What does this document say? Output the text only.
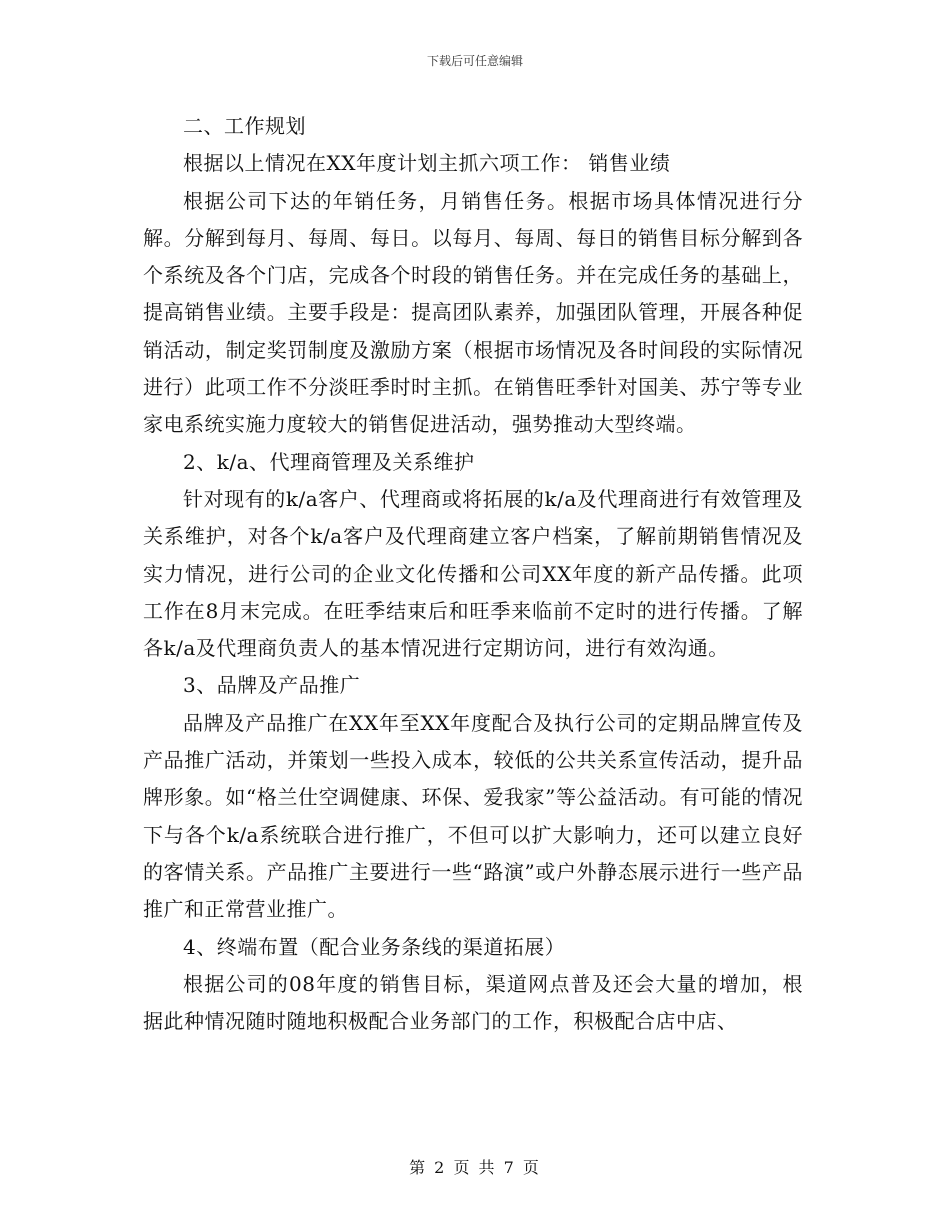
下载后可任意编辑

二、工作规划

根据以上情况在XX年度计划主抓六项工作： 销售业绩

根据公司下达的年销任务，月销售任务。根据市场具体情况进行分解。分解到每月、每周、每日。以每月、每周、每日的销售目标分解到各个系统及各个门店，完成各个时段的销售任务。并在完成任务的基础上，提高销售业绩。主要手段是：提高团队素养，加强团队管理，开展各种促销活动，制定奖罚制度及激励方案（根据市场情况及各时间段的实际情况进行）此项工作不分淡旺季时时主抓。在销售旺季针对国美、苏宁等专业家电系统实施力度较大的销售促进活动，强势推动大型终端。

2、k/a、代理商管理及关系维护

针对现有的k/a客户、代理商或将拓展的k/a及代理商进行有效管理及关系维护，对各个k/a客户及代理商建立客户档案，了解前期销售情况及实力情况，进行公司的企业文化传播和公司XX年度的新产品传播。此项工作在8月末完成。在旺季结束后和旺季来临前不定时的进行传播。了解各k/a及代理商负责人的基本情况进行定期访问，进行有效沟通。

3、品牌及产品推广

品牌及产品推广在XX年至XX年度配合及执行公司的定期品牌宣传及产品推广活动，并策划一些投入成本，较低的公共关系宣传活动，提升品牌形象。如“格兰仕空调健康、环保、爱我家”等公益活动。有可能的情况下与各个k/a系统联合进行推广，不但可以扩大影响力，还可以建立良好的客情关系。产品推广主要进行一些“路演”或户外静态展示进行一些产品推广和正常营业推广。

4、终端布置（配合业务条线的渠道拓展）

根据公司的08年度的销售目标，渠道网点普及还会大量的增加，根据此种情况随时随地积极配合业务部门的工作，积极配合店中店、

第 2 页 共 7 页
